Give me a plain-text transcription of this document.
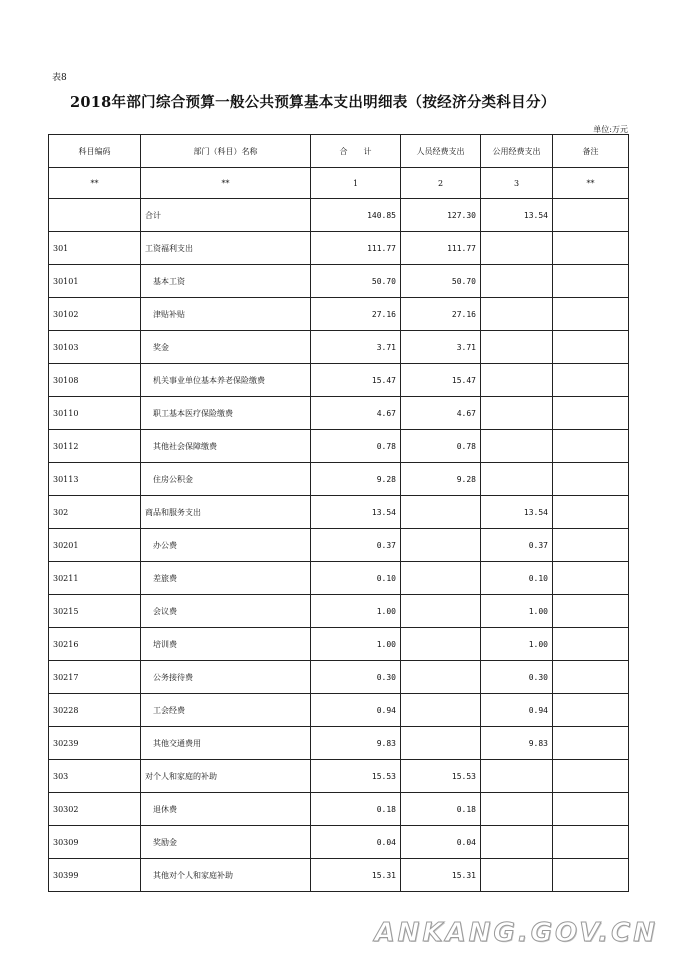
表8
2018年部门综合预算一般公共预算基本支出明细表（按经济分类科目分）
单位:万元
科目编码	部门（科目）名称	合　　计	人员经费支出	公用经费支出	备注
**	**	1	2	3	**
	合计	140.85	127.30	13.54	
301	工资福利支出	111.77	111.77		
30101	基本工资	50.70	50.70		
30102	津贴补贴	27.16	27.16		
30103	奖金	3.71	3.71		
30108	机关事业单位基本养老保险缴费	15.47	15.47		
30110	职工基本医疗保险缴费	4.67	4.67		
30112	其他社会保障缴费	0.78	0.78		
30113	住房公积金	9.28	9.28		
302	商品和服务支出	13.54		13.54	
30201	办公费	0.37		0.37	
30211	差旅费	0.10		0.10	
30215	会议费	1.00		1.00	
30216	培训费	1.00		1.00	
30217	公务接待费	0.30		0.30	
30228	工会经费	0.94		0.94	
30239	其他交通费用	9.83		9.83	
303	对个人和家庭的补助	15.53	15.53		
30302	退休费	0.18	0.18		
30309	奖励金	0.04	0.04		
30399	其他对个人和家庭补助	15.31	15.31		
ANKANG.GOV.CN
